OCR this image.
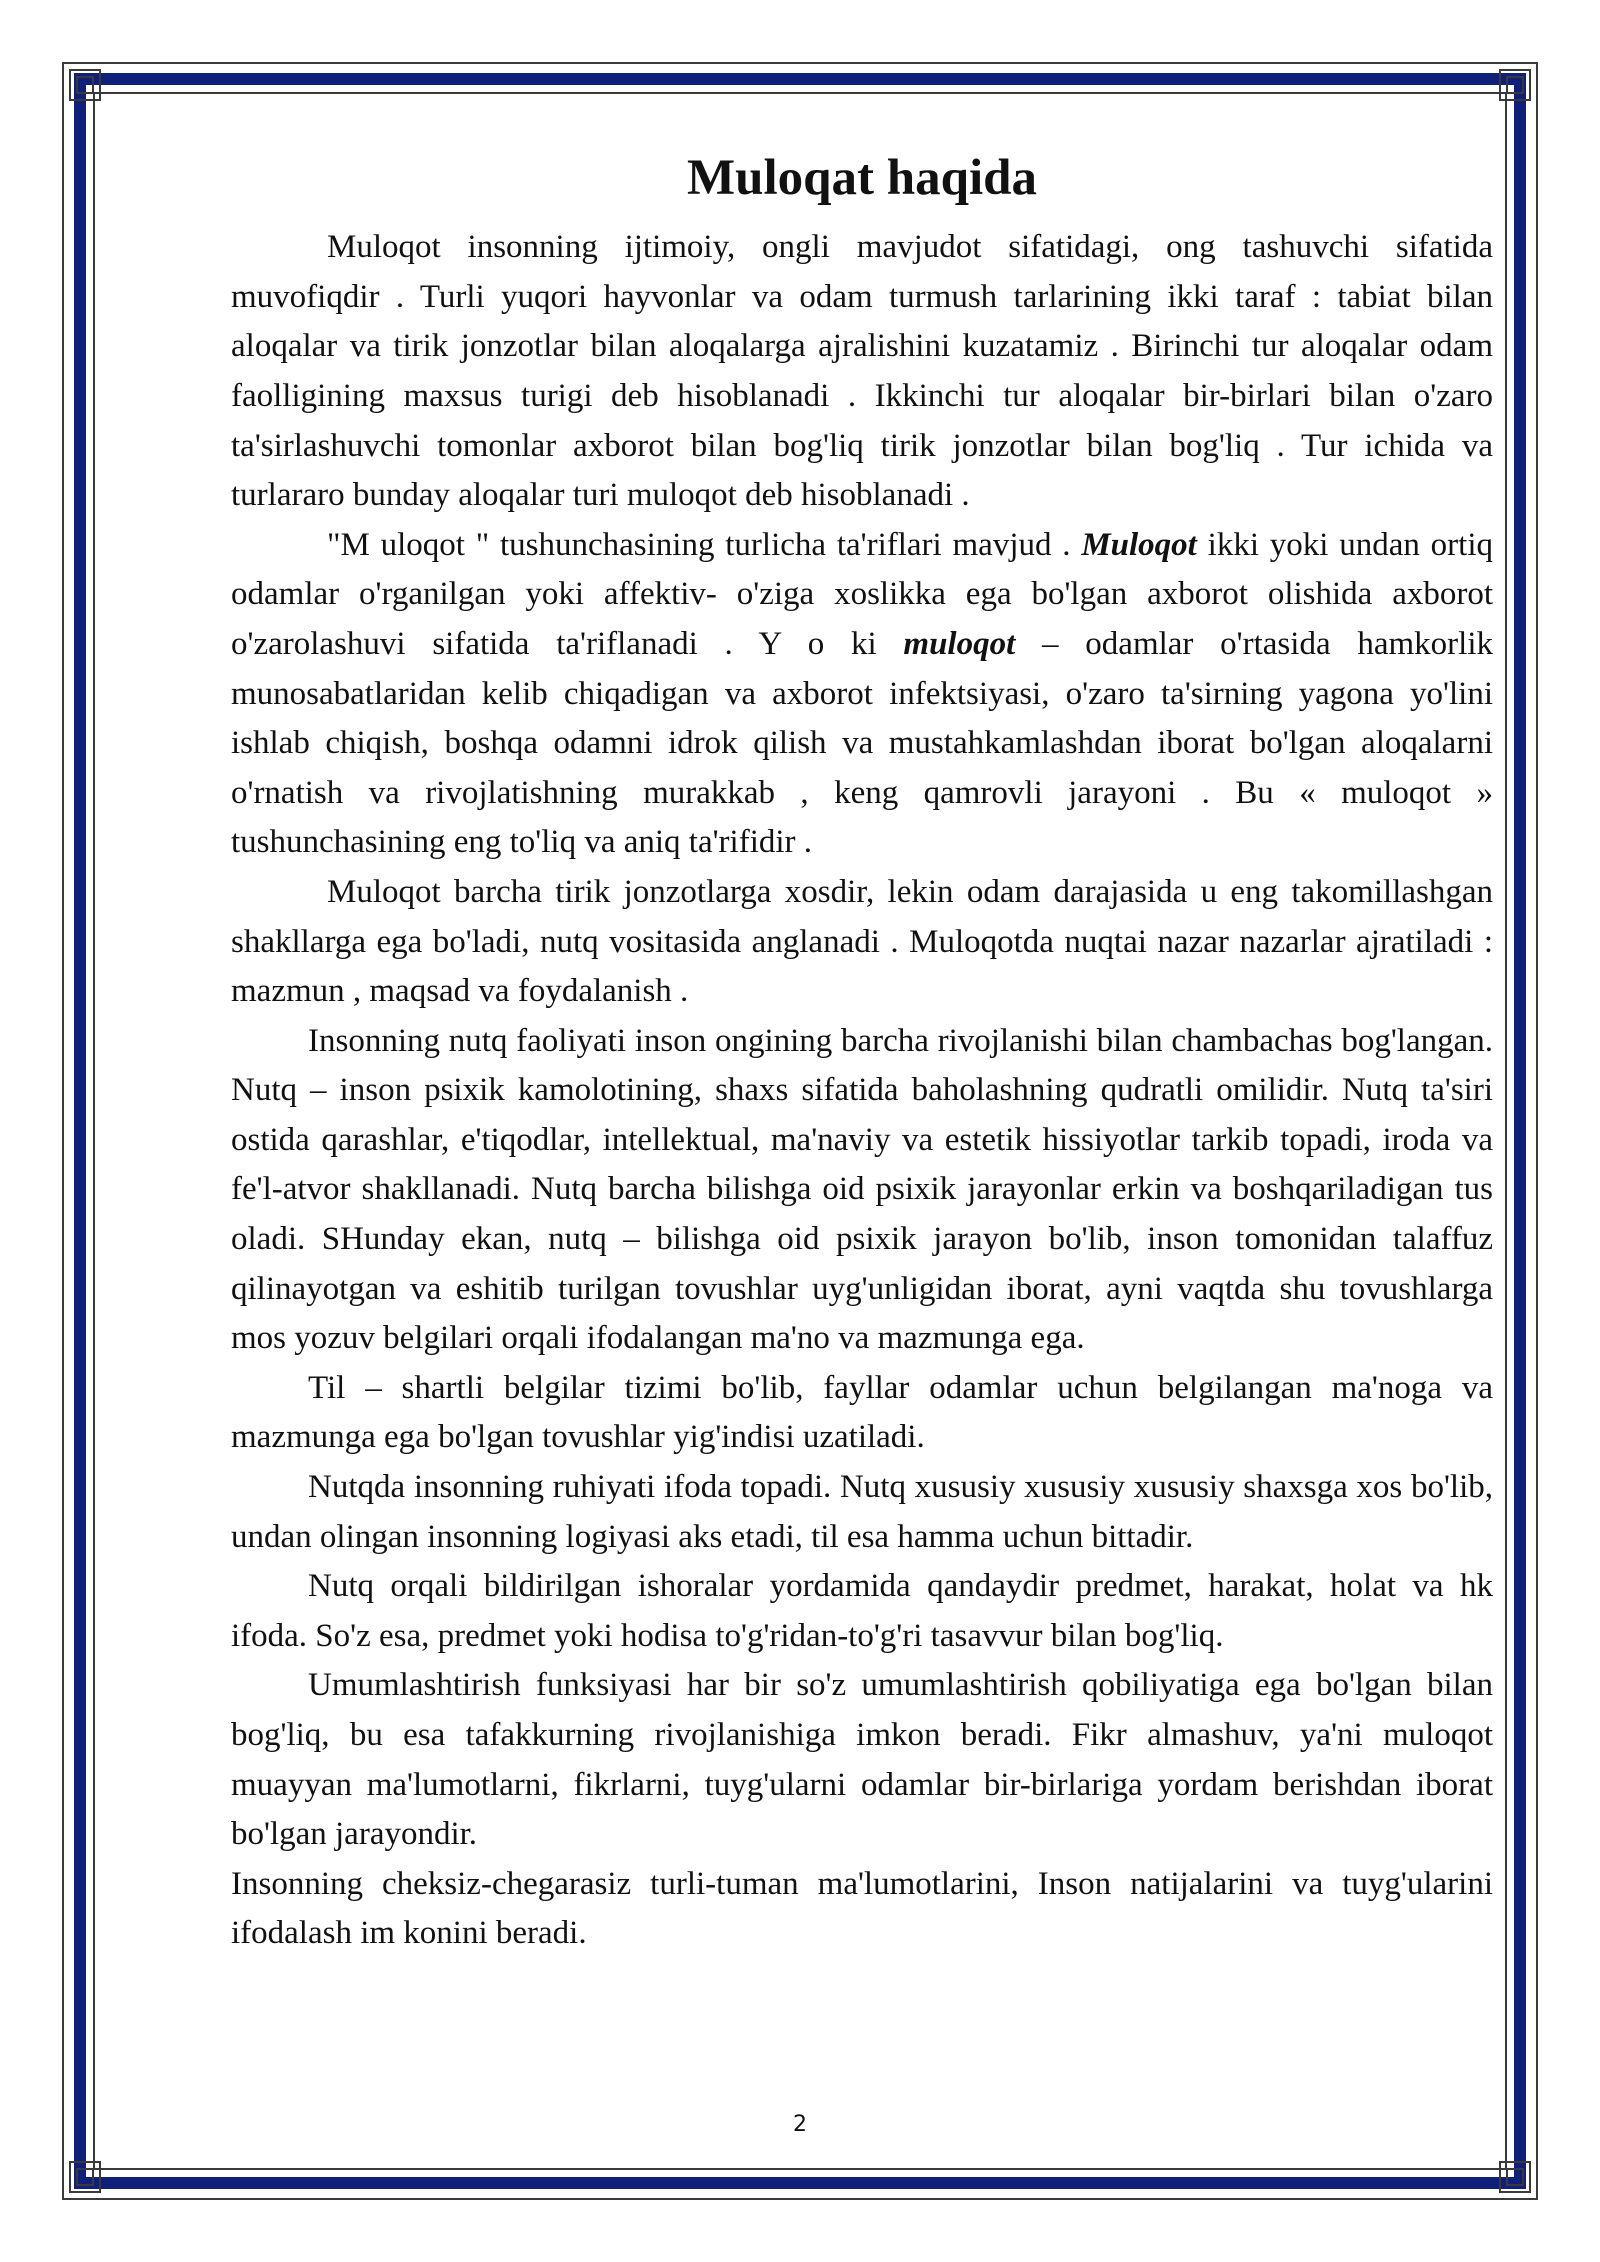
Muloqat haqida

Muloqot insonning ijtimoiy, ongli mavjudot sifatidagi, ong tashuvchi sifatida muvofiqdir . Turli yuqori hayvonlar va odam turmush tarlarining ikki taraf : tabiat bilan aloqalar va tirik jonzotlar bilan aloqalarga ajralishini kuzatamiz . Birinchi tur aloqalar odam faolligining maxsus turigi deb hisoblanadi . Ikkinchi tur aloqalar bir-birlari bilan o'zaro ta'sirlashuvchi tomonlar axborot bilan bog'liq tirik jonzotlar bilan bog'liq . Tur ichida va turlararo bunday aloqalar turi muloqot deb hisoblanadi .

"M uloqot " tushunchasining turlicha ta'riflari mavjud . Muloqot ikki yoki undan ortiq odamlar o'rganilgan yoki affektiv- o'ziga xoslikka ega bo'lgan axborot olishida axborot o'zarolashuvi sifatida ta'riflanadi . Y o ki muloqot – odamlar o'rtasida hamkorlik munosabatlaridan kelib chiqadigan va axborot infektsiyasi, o'zaro ta'sirning yagona yo'lini ishlab chiqish, boshqa odamni idrok qilish va mustahkamlashdan iborat bo'lgan aloqalarni o'rnatish va rivojlatishning murakkab , keng qamrovli jarayoni . Bu « muloqot » tushunchasining eng to'liq va aniq ta'rifidir .

Muloqot barcha tirik jonzotlarga xosdir, lekin odam darajasida u eng takomillashgan shakllarga ega bo'ladi, nutq vositasida anglanadi . Muloqotda nuqtai nazar nazarlar ajratiladi : mazmun , maqsad va foydalanish .

Insonning nutq faoliyati inson ongining barcha rivojlanishi bilan chambachas bog'langan. Nutq – inson psixik kamolotining, shaxs sifatida baholashning qudratli omilidir. Nutq ta'siri ostida qarashlar, e'tiqodlar, intellektual, ma'naviy va estetik hissiyotlar tarkib topadi, iroda va fe'l-atvor shakllanadi. Nutq barcha bilishga oid psixik jarayonlar erkin va boshqariladigan tus oladi. SHunday ekan, nutq – bilishga oid psixik jarayon bo'lib, inson tomonidan talaffuz qilinayotgan va eshitib turilgan tovushlar uyg'unligidan iborat, ayni vaqtda shu tovushlarga mos yozuv belgilari orqali ifodalangan ma'no va mazmunga ega.

Til – shartli belgilar tizimi bo'lib, fayllar odamlar uchun belgilangan ma'noga va mazmunga ega bo'lgan tovushlar yig'indisi uzatiladi.

Nutqda insonning ruhiyati ifoda topadi. Nutq xususiy xususiy xususiy shaxsga xos bo'lib, undan olingan insonning logiyasi aks etadi, til esa hamma uchun bittadir.

Nutq orqali bildirilgan ishoralar yordamida qandaydir predmet, harakat, holat va hk ifoda. So'z esa, predmet yoki hodisa to'g'ridan-to'g'ri tasavvur bilan bog'liq.

Umumlashtirish funksiyasi har bir so'z umumlashtirish qobiliyatiga ega bo'lgan bilan bog'liq, bu esa tafakkurning rivojlanishiga imkon beradi. Fikr almashuv, ya'ni muloqot muayyan ma'lumotlarni, fikrlarni, tuyg'ularni odamlar bir-birlariga yordam berishdan iborat bo'lgan jarayondir.

Insonning cheksiz-chegarasiz turli-tuman ma'lumotlarini, Inson natijalarini va tuyg'ularini ifodalash im konini beradi.

2
